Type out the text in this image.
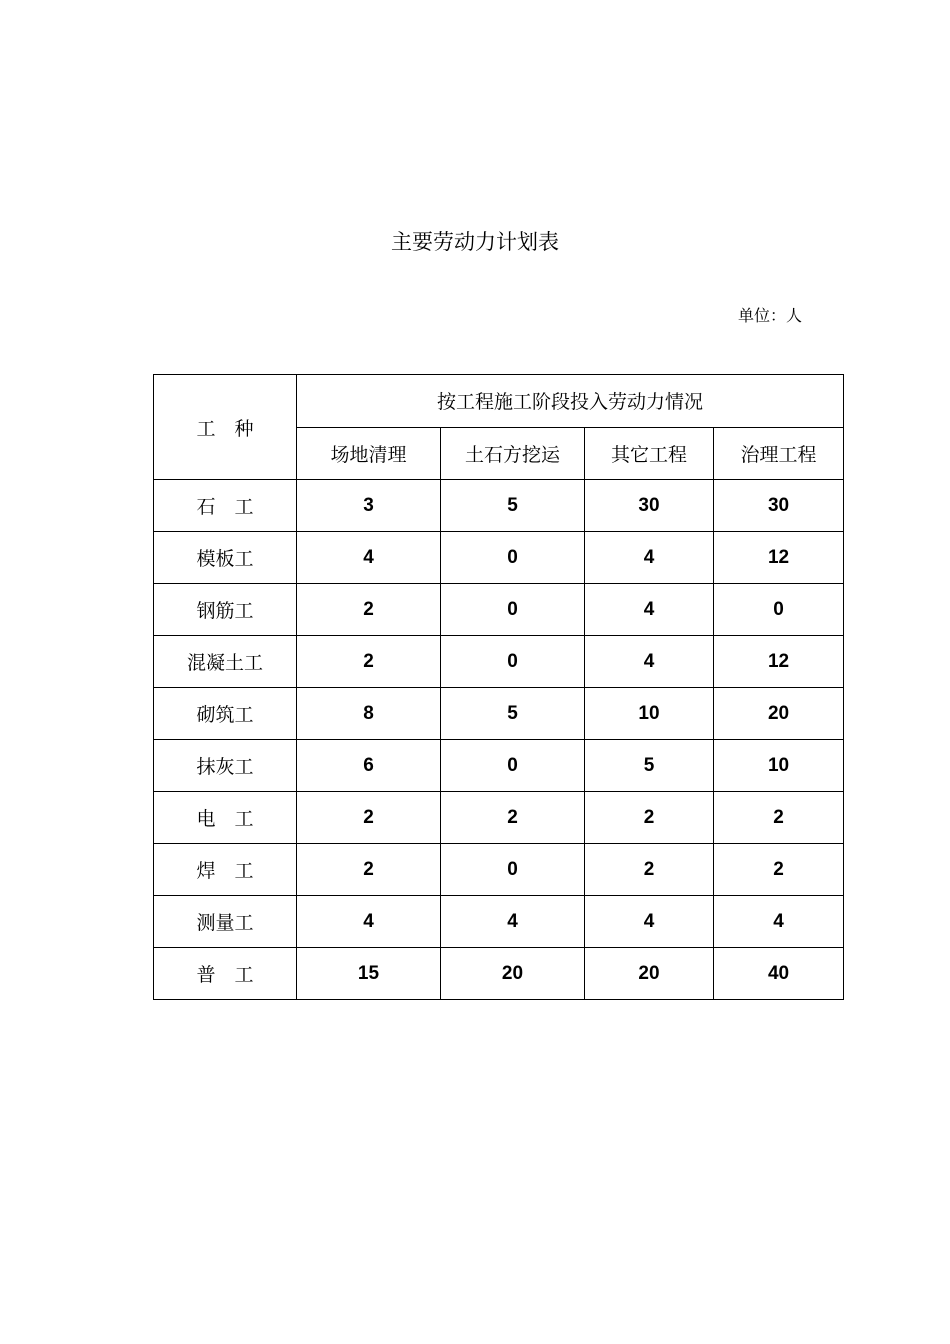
主要劳动力计划表
单位：人
工　种	按工程施工阶段投入劳动力情况			
	场地清理	土石方挖运	其它工程	治理工程
石　工	3	5	30	30
模板工	4	0	4	12
钢筋工	2	0	4	0
混凝土工	2	0	4	12
砌筑工	8	5	10	20
抹灰工	6	0	5	10
电　工	2	2	2	2
焊　工	2	0	2	2
测量工	4	4	4	4
普　工	15	20	20	40
